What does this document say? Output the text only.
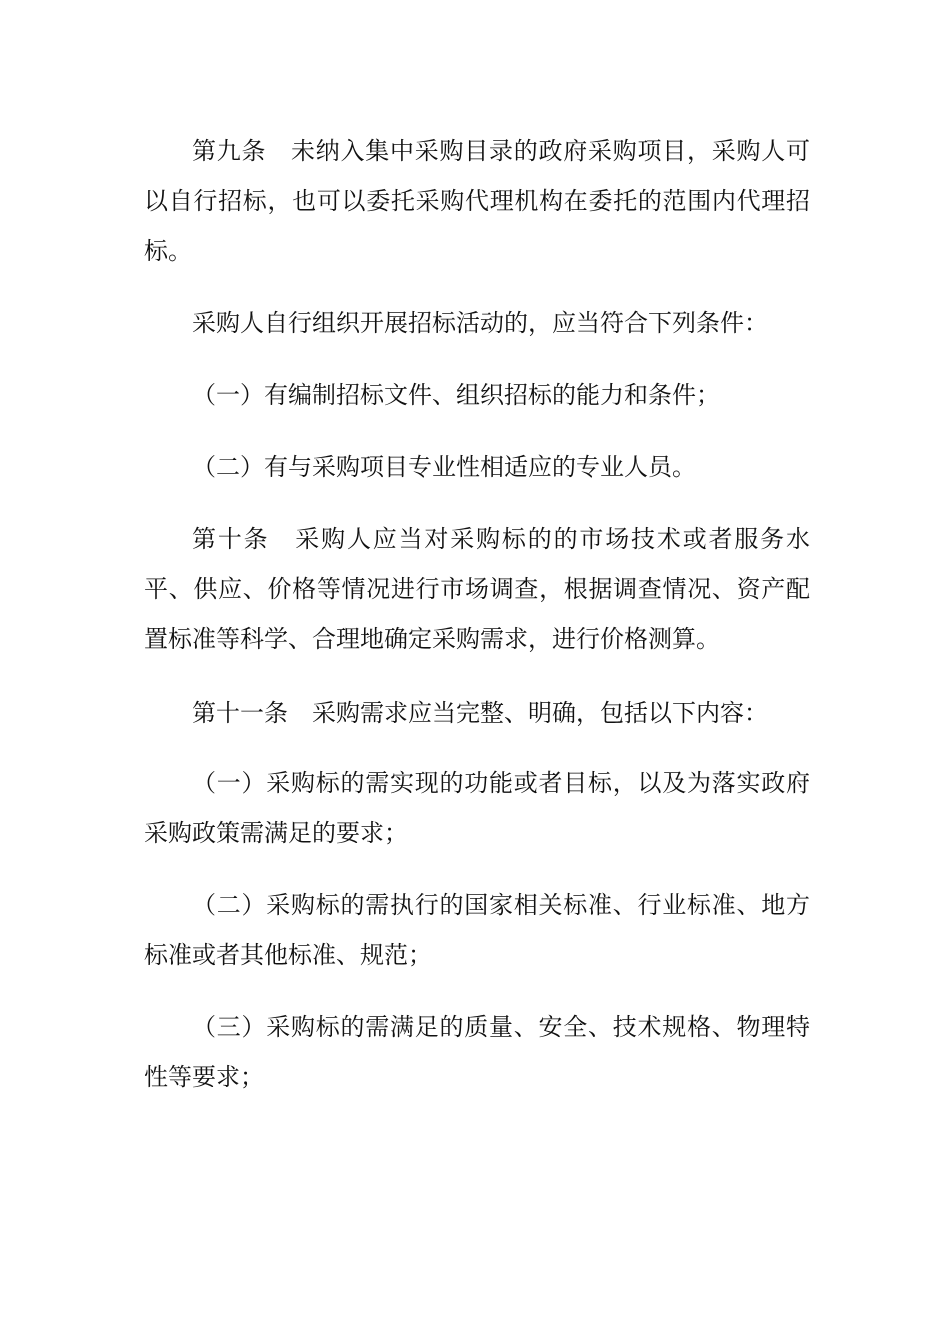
第九条　未纳入集中采购目录的政府采购项目，采购人可以自行招标，也可以委托采购代理机构在委托的范围内代理招标。

采购人自行组织开展招标活动的，应当符合下列条件：

（一）有编制招标文件、组织招标的能力和条件；

（二）有与采购项目专业性相适应的专业人员。

第十条　采购人应当对采购标的的市场技术或者服务水平、供应、价格等情况进行市场调查，根据调查情况、资产配置标准等科学、合理地确定采购需求，进行价格测算。

第十一条　采购需求应当完整、明确，包括以下内容：

（一）采购标的需实现的功能或者目标，以及为落实政府采购政策需满足的要求；

（二）采购标的需执行的国家相关标准、行业标准、地方标准或者其他标准、规范；

（三）采购标的需满足的质量、安全、技术规格、物理特性等要求；
